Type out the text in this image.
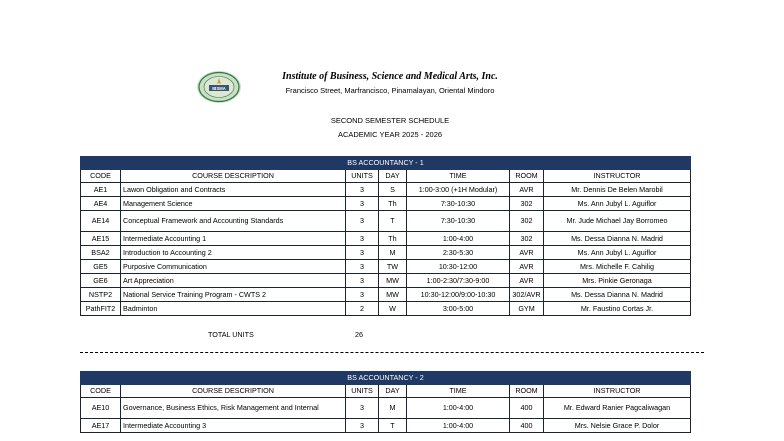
IBSMA
Institute of Business, Science and Medical Arts, Inc.
Francisco Street, Marfrancisco, Pinamalayan, Oriental Mindoro
SECOND SEMESTER SCHEDULE
ACADEMIC YEAR 2025 - 2026
BS ACCOUNTANCY - 1						
CODE	COURSE DESCRIPTION	UNITS	DAY	TIME	ROOM	INSTRUCTOR
AE1	Lawon Obligation and Contracts	3	S	1:00-3:00 (+1H Modular)	AVR	Mr. Dennis De Belen Marobil
AE4	Management Science	3	Th	7:30-10:30	302	Ms. Ann Jubyl L. Aguiflor
AE14	Conceptual Framework and Accounting Standards	3	T	7:30-10:30	302	Mr. Jude Michael Jay Borromeo
AE15	Intermediate Accounting 1	3	Th	1:00-4:00	302	Ms. Dessa Dianna N. Madrid
BSA2	Introduction to Accounting 2	3	M	2:30-5:30	AVR	Ms. Ann Jubyl L. Aguiflor
GE5	Purposive Communication	3	TW	10:30-12:00	AVR	Mrs. Michelle F. Cahilig
GE6	Art Appreciation	3	MW	1:00-2:30/7:30-9:00	AVR	Mrs. Pinkie Geronaga
NSTP2	National Service Training Program - CWTS 2	3	MW	10:30-12:00/9:00-10:30	302/AVR	Ms. Dessa Dianna N. Madrid
PathFIT2	Badminton	2	W	3:00-5:00	GYM	Mr. Faustino Cortas Jr.
TOTAL UNITS	26
BS ACCOUNTANCY - 2						
CODE	COURSE DESCRIPTION	UNITS	DAY	TIME	ROOM	INSTRUCTOR
AE10	Governance, Business Ethics, Risk Management and Internal	3	M	1:00-4:00	400	Mr. Edward Ranier Pagcaliwagan
AE17	Intermediate Accounting 3	3	T	1:00-4:00	400	Mrs. Nelsie Grace P. Dolor
